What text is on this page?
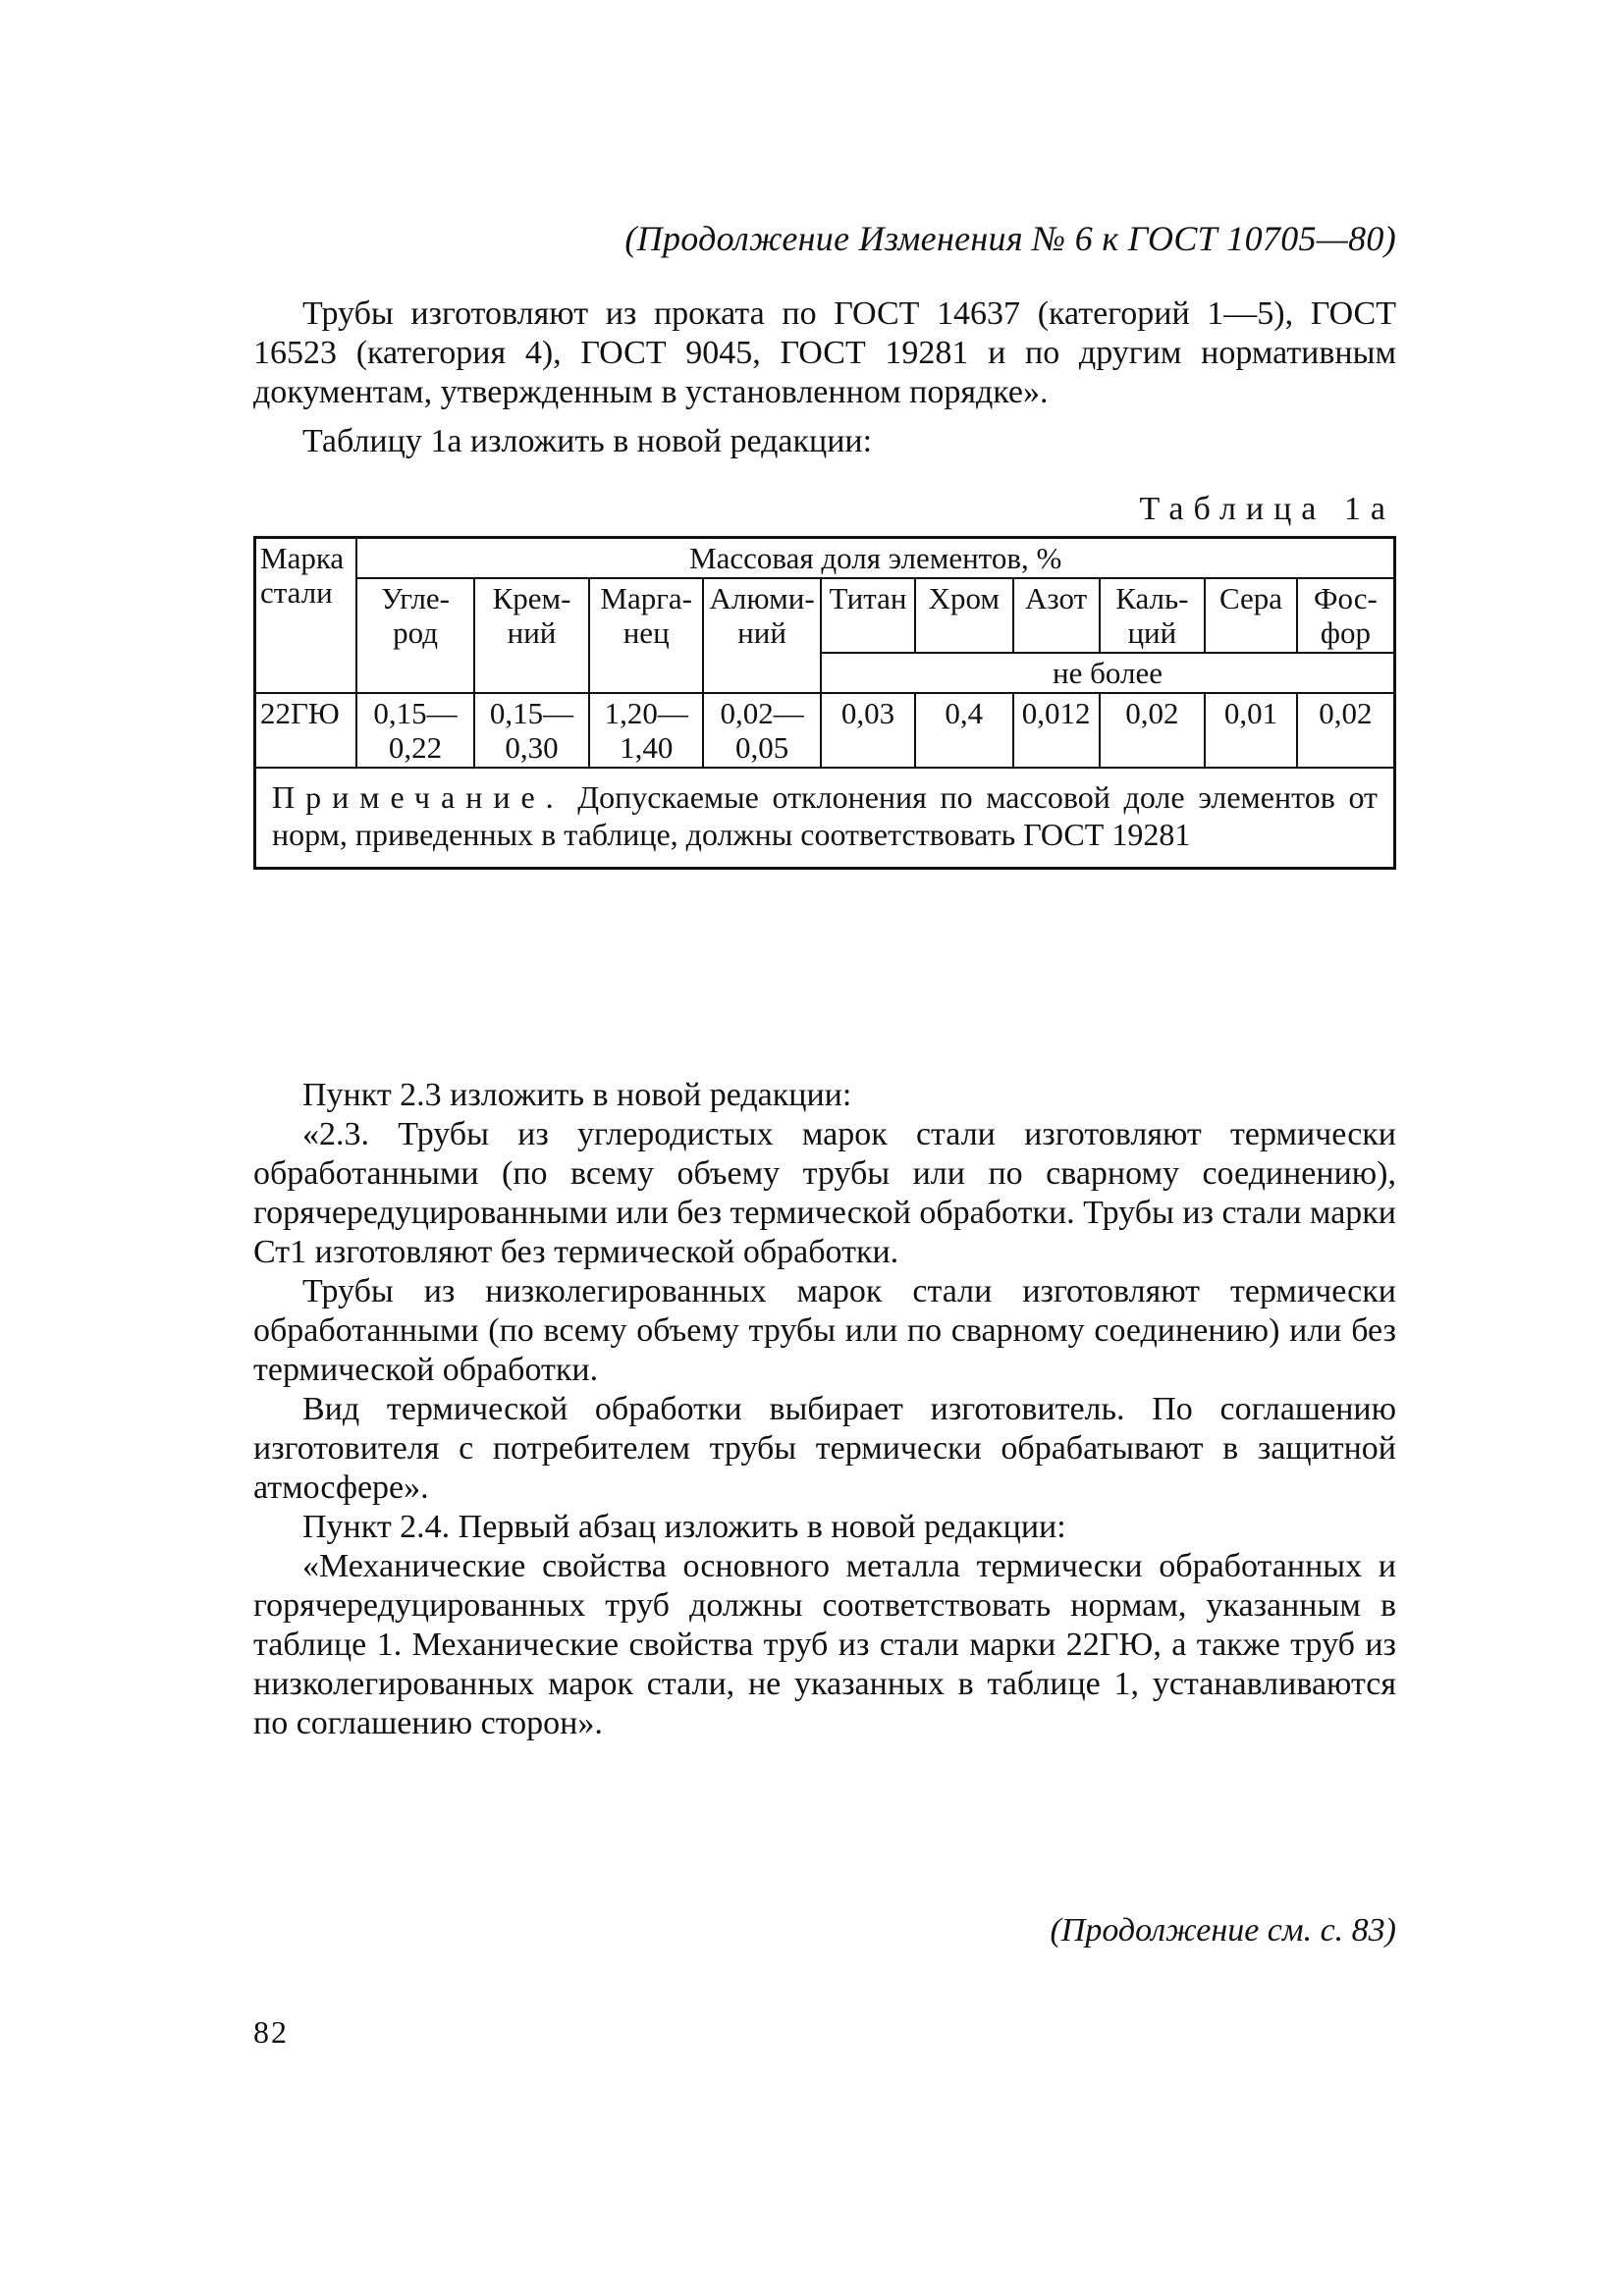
(Продолжение Изменения № 6 к ГОСТ 10705—80)

Трубы изготовляют из проката по ГОСТ 14637 (категорий 1—5), ГОСТ 16523 (категория 4), ГОСТ 9045, ГОСТ 19281 и по другим нормативным документам, утвержденным в установленном порядке».

Таблицу 1а изложить в новой редакции:

Таблица 1а
Марка стали	Массовая доля элементов, %									
	Угле-род	Крем-ний	Марга-нец	Алюми-ний	Титан	Хром	Азот	Каль-ций	Сера	Фос-фор
					не более					
22ГЮ	0,15—0,22	0,15—0,30	1,20—1,40	0,02—0,05	0,03	0,4	0,012	0,02	0,01	0,02
Примечание. Допускаемые отклонения по массовой доле элементов от норм, приведенных в таблице, должны соответствовать ГОСТ 19281										

Пункт 2.3 изложить в новой редакции:

«2.3. Трубы из углеродистых марок стали изготовляют термически обработанными (по всему объему трубы или по сварному соединению), горячередуцированными или без термической обработки. Трубы из стали марки Ст1 изготовляют без термической обработки.

Трубы из низколегированных марок стали изготовляют термически обработанными (по всему объему трубы или по сварному соединению) или без термической обработки.

Вид термической обработки выбирает изготовитель. По соглашению изготовителя с потребителем трубы термически обрабатывают в защитной атмосфере».

Пункт 2.4. Первый абзац изложить в новой редакции:

«Механические свойства основного металла термически обработанных и горячередуцированных труб должны соответствовать нормам, указанным в таблице 1. Механические свойства труб из стали марки 22ГЮ, а также труб из низколегированных марок стали, не указанных в таблице 1, устанавливаются по соглашению сторон».

(Продолжение см. с. 83)
82
